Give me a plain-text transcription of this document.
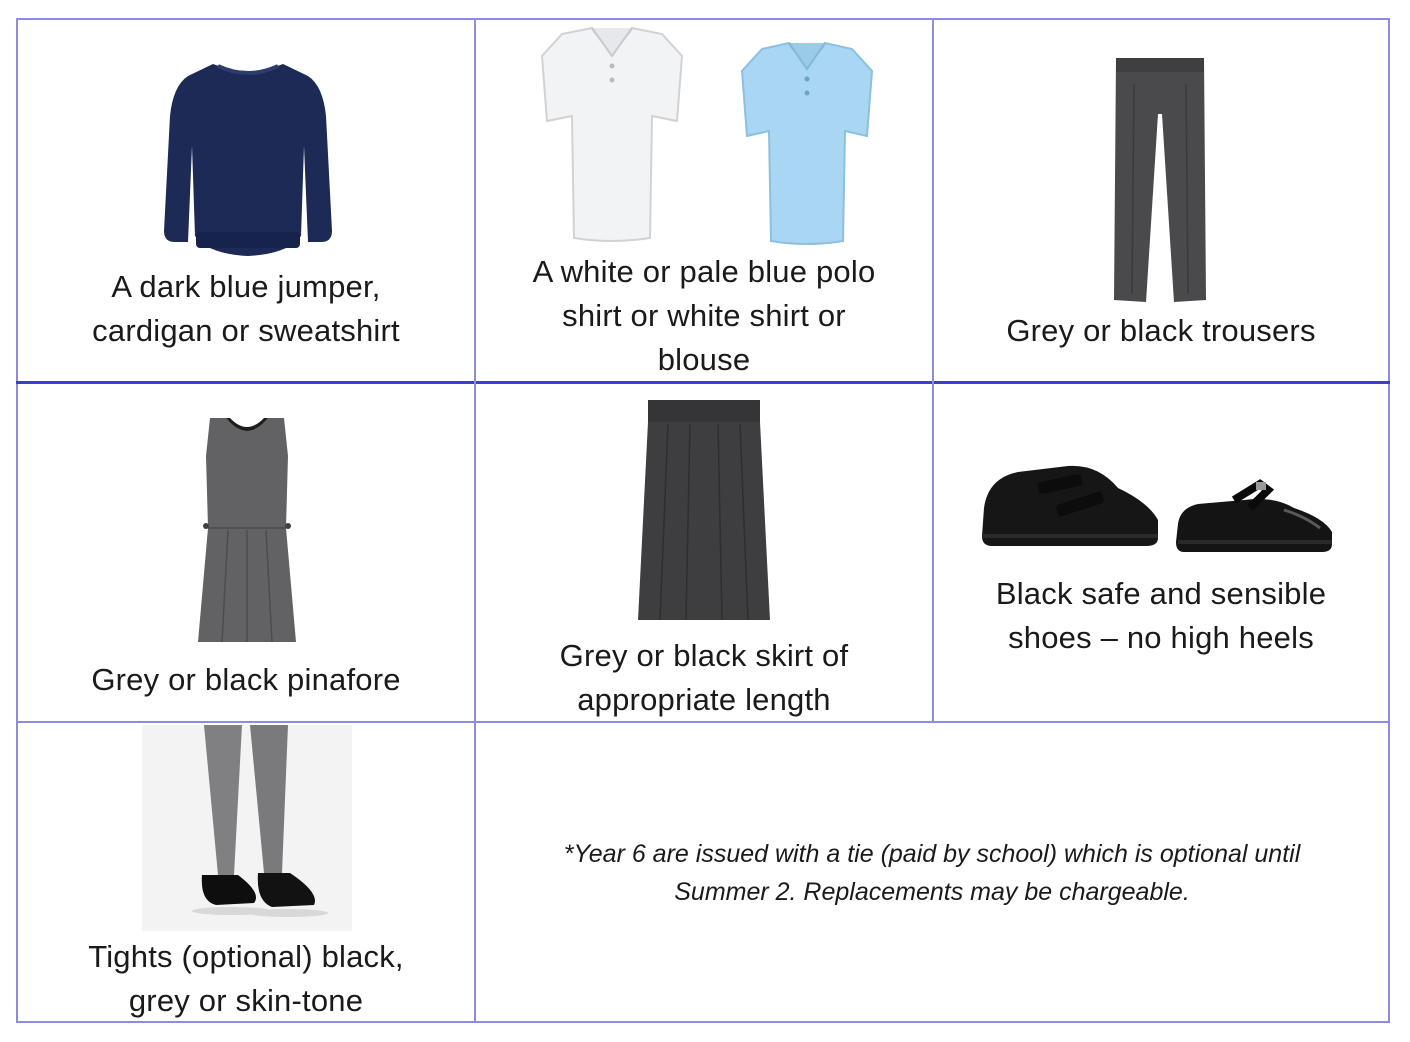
A dark blue jumper,
cardigan or sweatshirt
A white or pale blue polo
shirt or white shirt or
blouse
Grey or black trousers
Grey or black pinafore
Grey or black skirt of
appropriate length
Black safe and sensible
shoes – no high heels
Tights (optional) black,
grey or skin-tone
*Year 6 are issued with a tie (paid by school) which is optional until
Summer 2. Replacements may be chargeable.
